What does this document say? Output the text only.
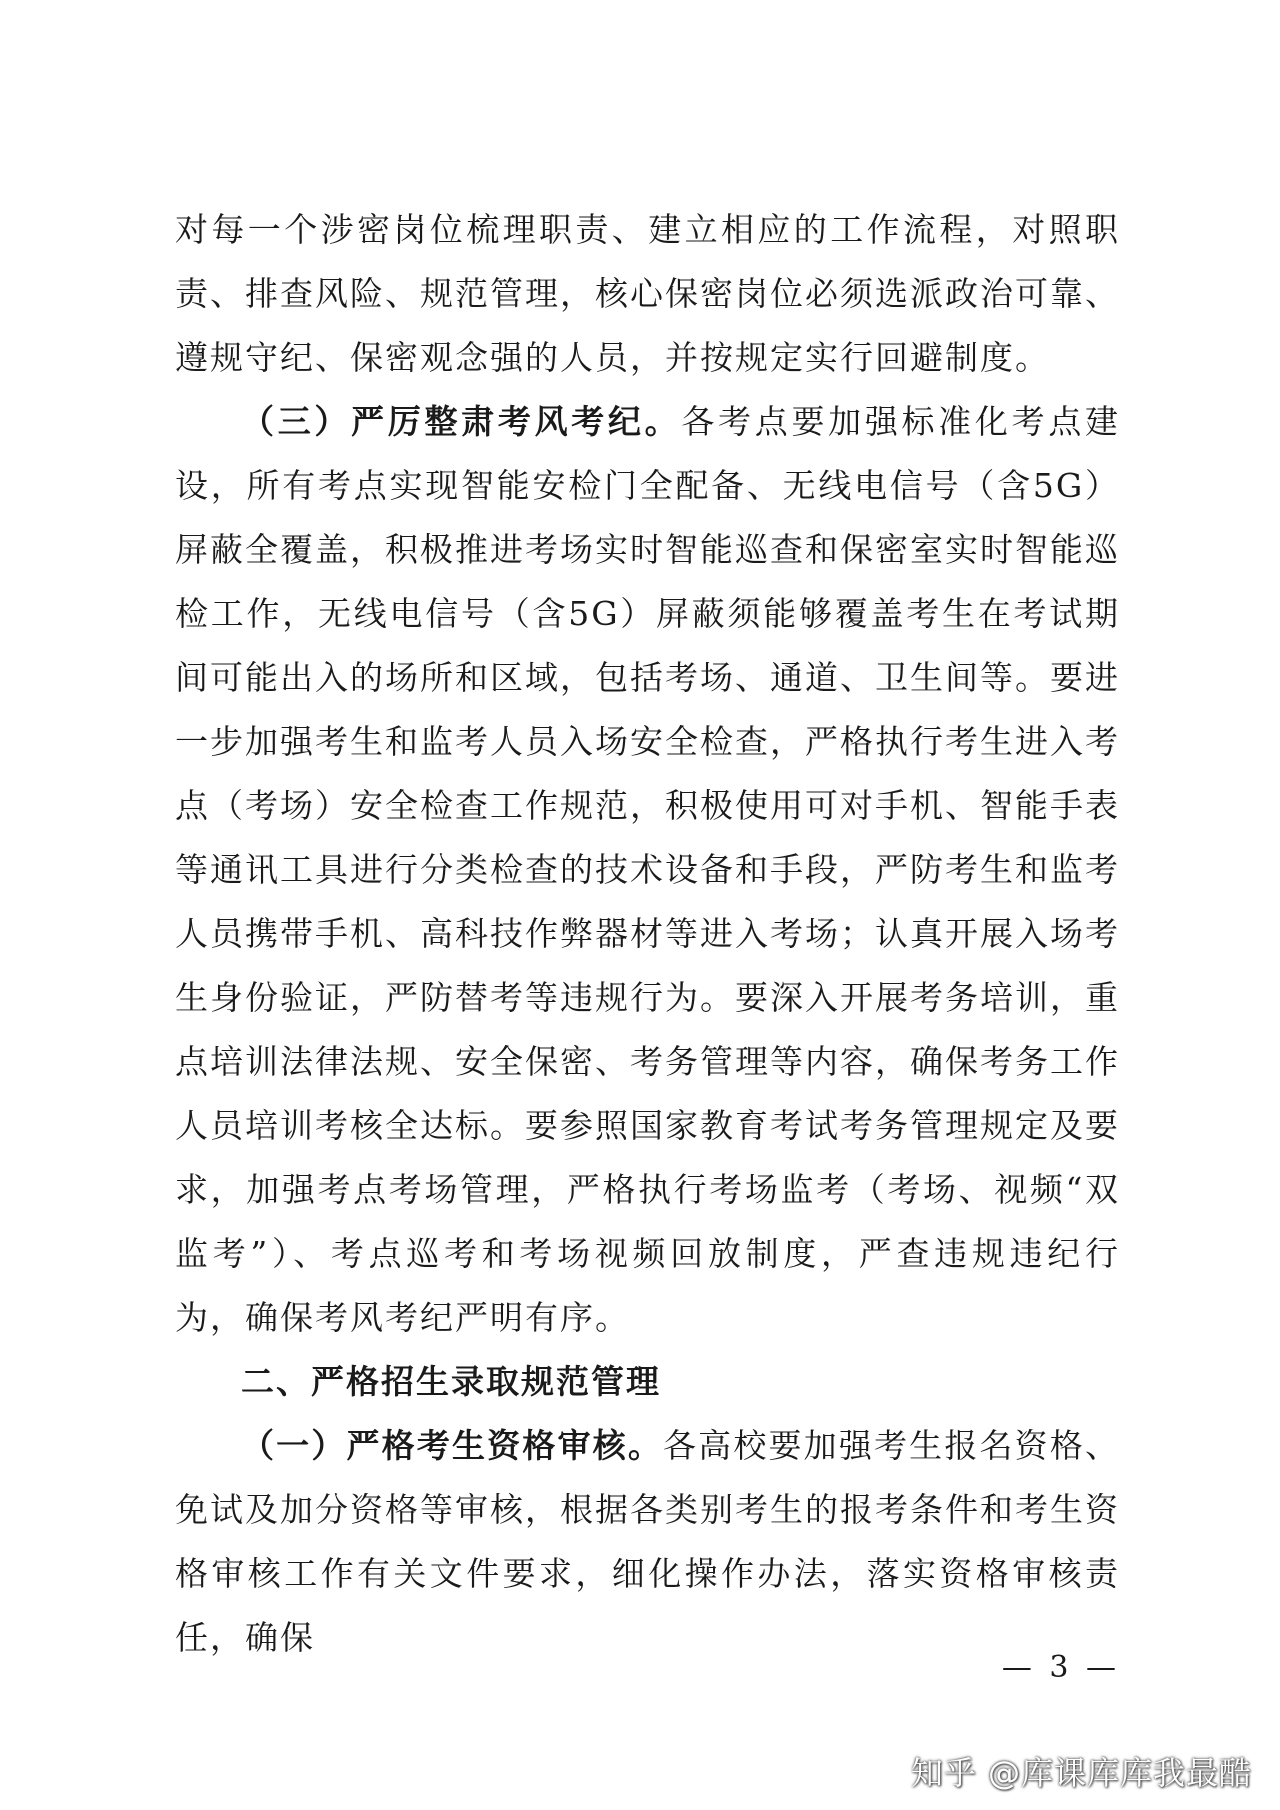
对每一个涉密岗位梳理职责、建立相应的工作流程，对照职责、排查风险、规范管理，核心保密岗位必须选派政治可靠、遵规守纪、保密观念强的人员，并按规定实行回避制度。

（三）严厉整肃考风考纪。各考点要加强标准化考点建设，所有考点实现智能安检门全配备、无线电信号（含5G）屏蔽全覆盖，积极推进考场实时智能巡查和保密室实时智能巡检工作，无线电信号（含5G）屏蔽须能够覆盖考生在考试期间可能出入的场所和区域，包括考场、通道、卫生间等。要进一步加强考生和监考人员入场安全检查，严格执行考生进入考点（考场）安全检查工作规范，积极使用可对手机、智能手表等通讯工具进行分类检查的技术设备和手段，严防考生和监考人员携带手机、高科技作弊器材等进入考场；认真开展入场考生身份验证，严防替考等违规行为。要深入开展考务培训，重点培训法律法规、安全保密、考务管理等内容，确保考务工作人员培训考核全达标。要参照国家教育考试考务管理规定及要求，加强考点考场管理，严格执行考场监考（考场、视频“双监考”）、考点巡考和考场视频回放制度，严查违规违纪行为，确保考风考纪严明有序。

二、严格招生录取规范管理

（一）严格考生资格审核。各高校要加强考生报名资格、免试及加分资格等审核，根据各类别考生的报考条件和考生资格审核工作有关文件要求，细化操作办法，落实资格审核责任，确保

— 3 —
知乎 @库课库库我最酷
